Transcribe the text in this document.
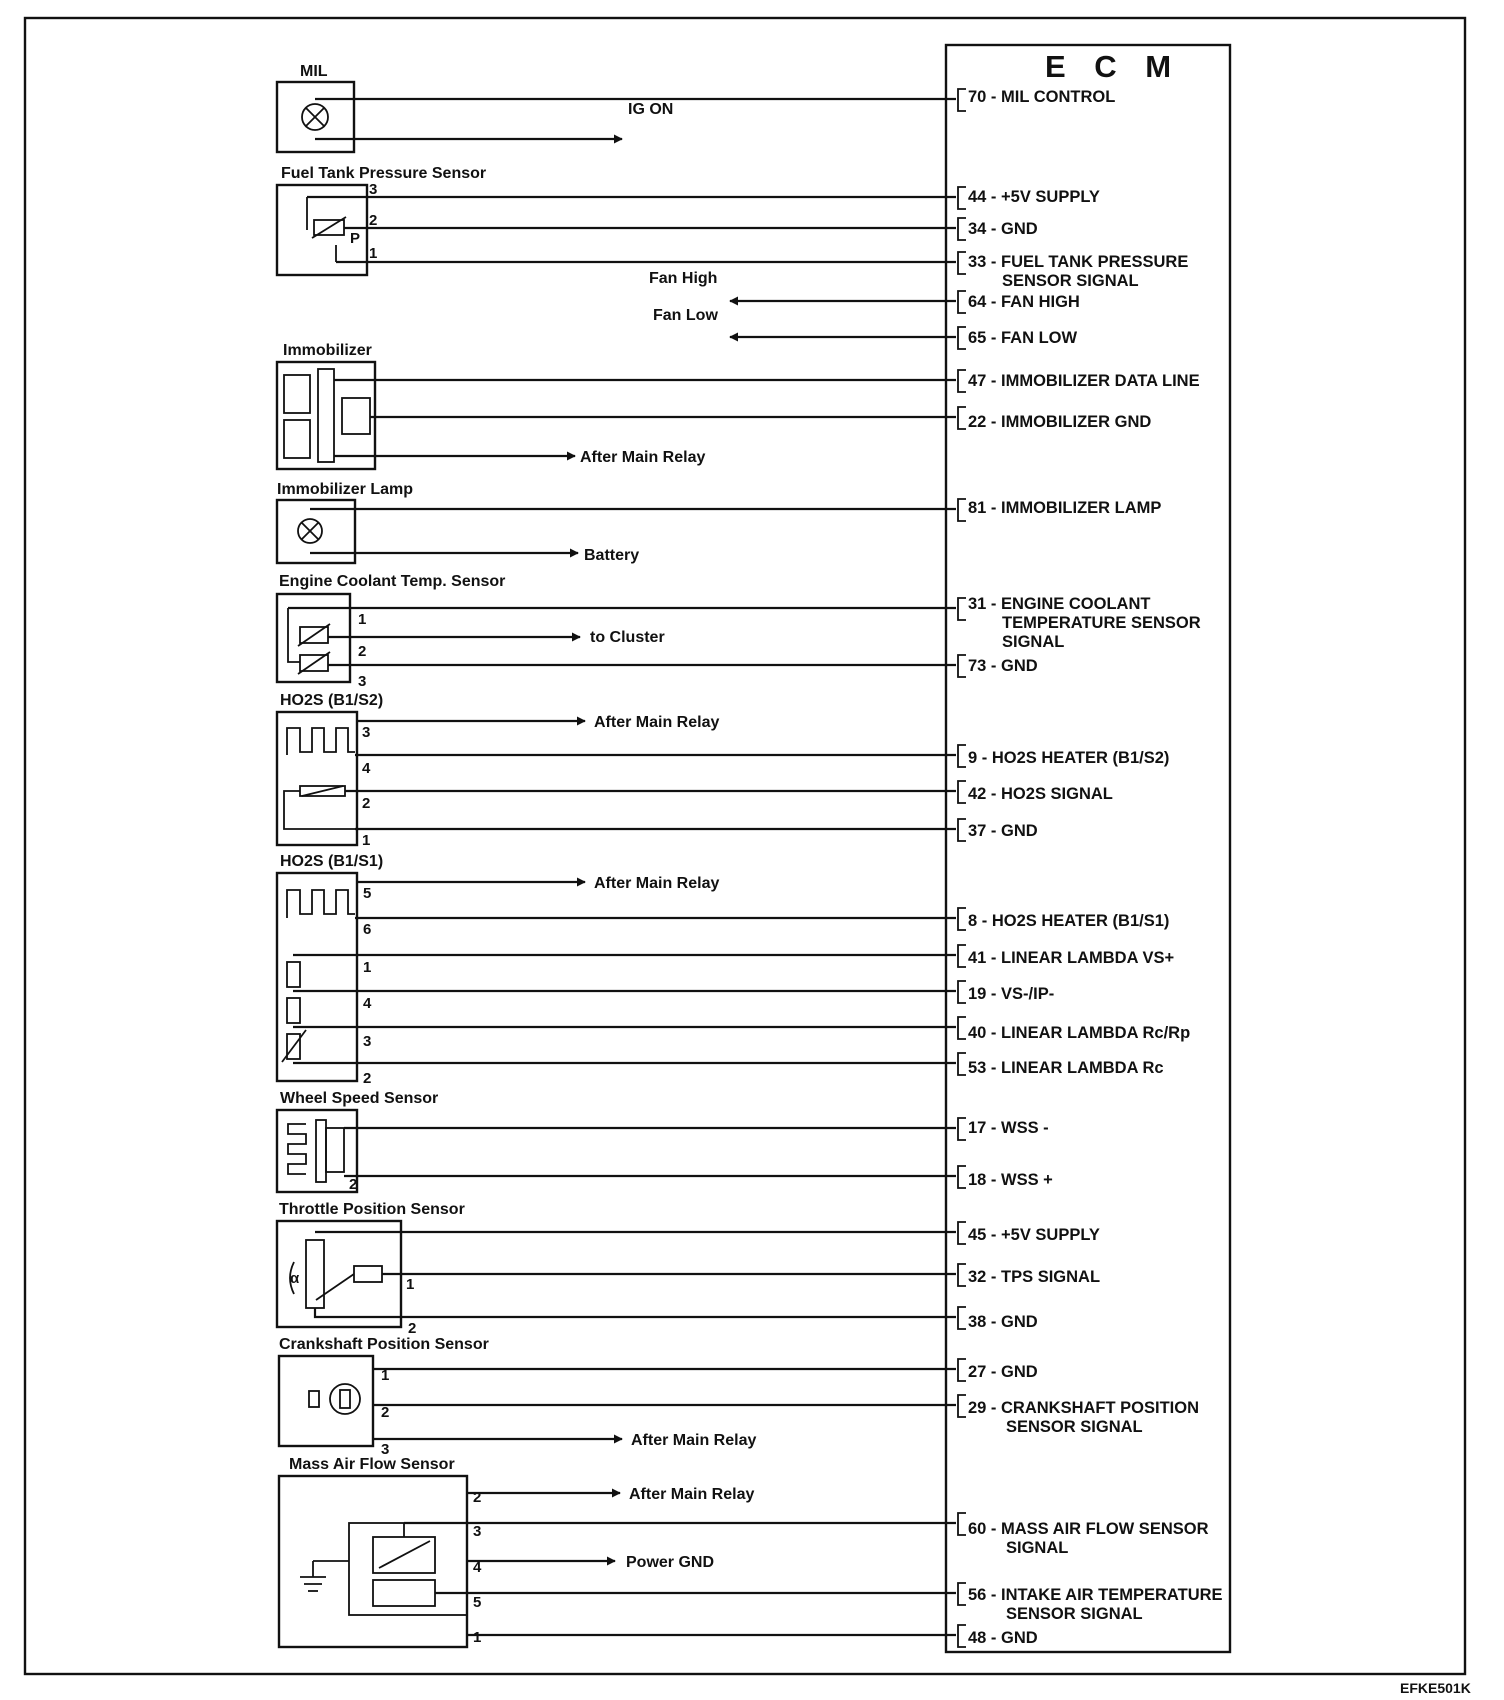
E C M
70 - MIL CONTROL
44 - +5V SUPPLY
34 - GND
33 - FUEL TANK PRESSURE
SENSOR SIGNAL
64 - FAN HIGH
65 - FAN LOW
47 - IMMOBILIZER DATA LINE
22 - IMMOBILIZER GND
81 - IMMOBILIZER LAMP
31 - ENGINE COOLANT
TEMPERATURE SENSOR
SIGNAL
73 - GND
9 - HO2S HEATER (B1/S2)
42 - HO2S SIGNAL
37 - GND
8 - HO2S HEATER (B1/S1)
41 - LINEAR LAMBDA VS+
19 - VS-/IP-
40 - LINEAR LAMBDA Rc/Rp
53 - LINEAR LAMBDA Rc
17 - WSS -
18 - WSS +
45 - +5V SUPPLY
32 - TPS SIGNAL
38 - GND
27 - GND
29 - CRANKSHAFT POSITION
SENSOR SIGNAL
60 - MASS AIR FLOW SENSOR
SIGNAL
56 - INTAKE AIR TEMPERATURE
SENSOR SIGNAL
48 - GND
MIL
IG ON
Fuel Tank Pressure Sensor
P
3
2
1
Fan High
Fan Low
Immobilizer
After Main Relay
Immobilizer Lamp
Battery
Engine Coolant Temp. Sensor
1
2
3
to Cluster
HO2S (B1/S2)
3
4
2
1
After Main Relay
HO2S (B1/S1)
5
6
1
4
3
2
After Main Relay
Wheel Speed Sensor
2
Throttle Position Sensor
α	1
2
Crankshaft Position Sensor
1
2
3
After Main Relay
Mass Air Flow Sensor
2
3
4
5
1
After Main Relay
Power GND
EFKE501K
